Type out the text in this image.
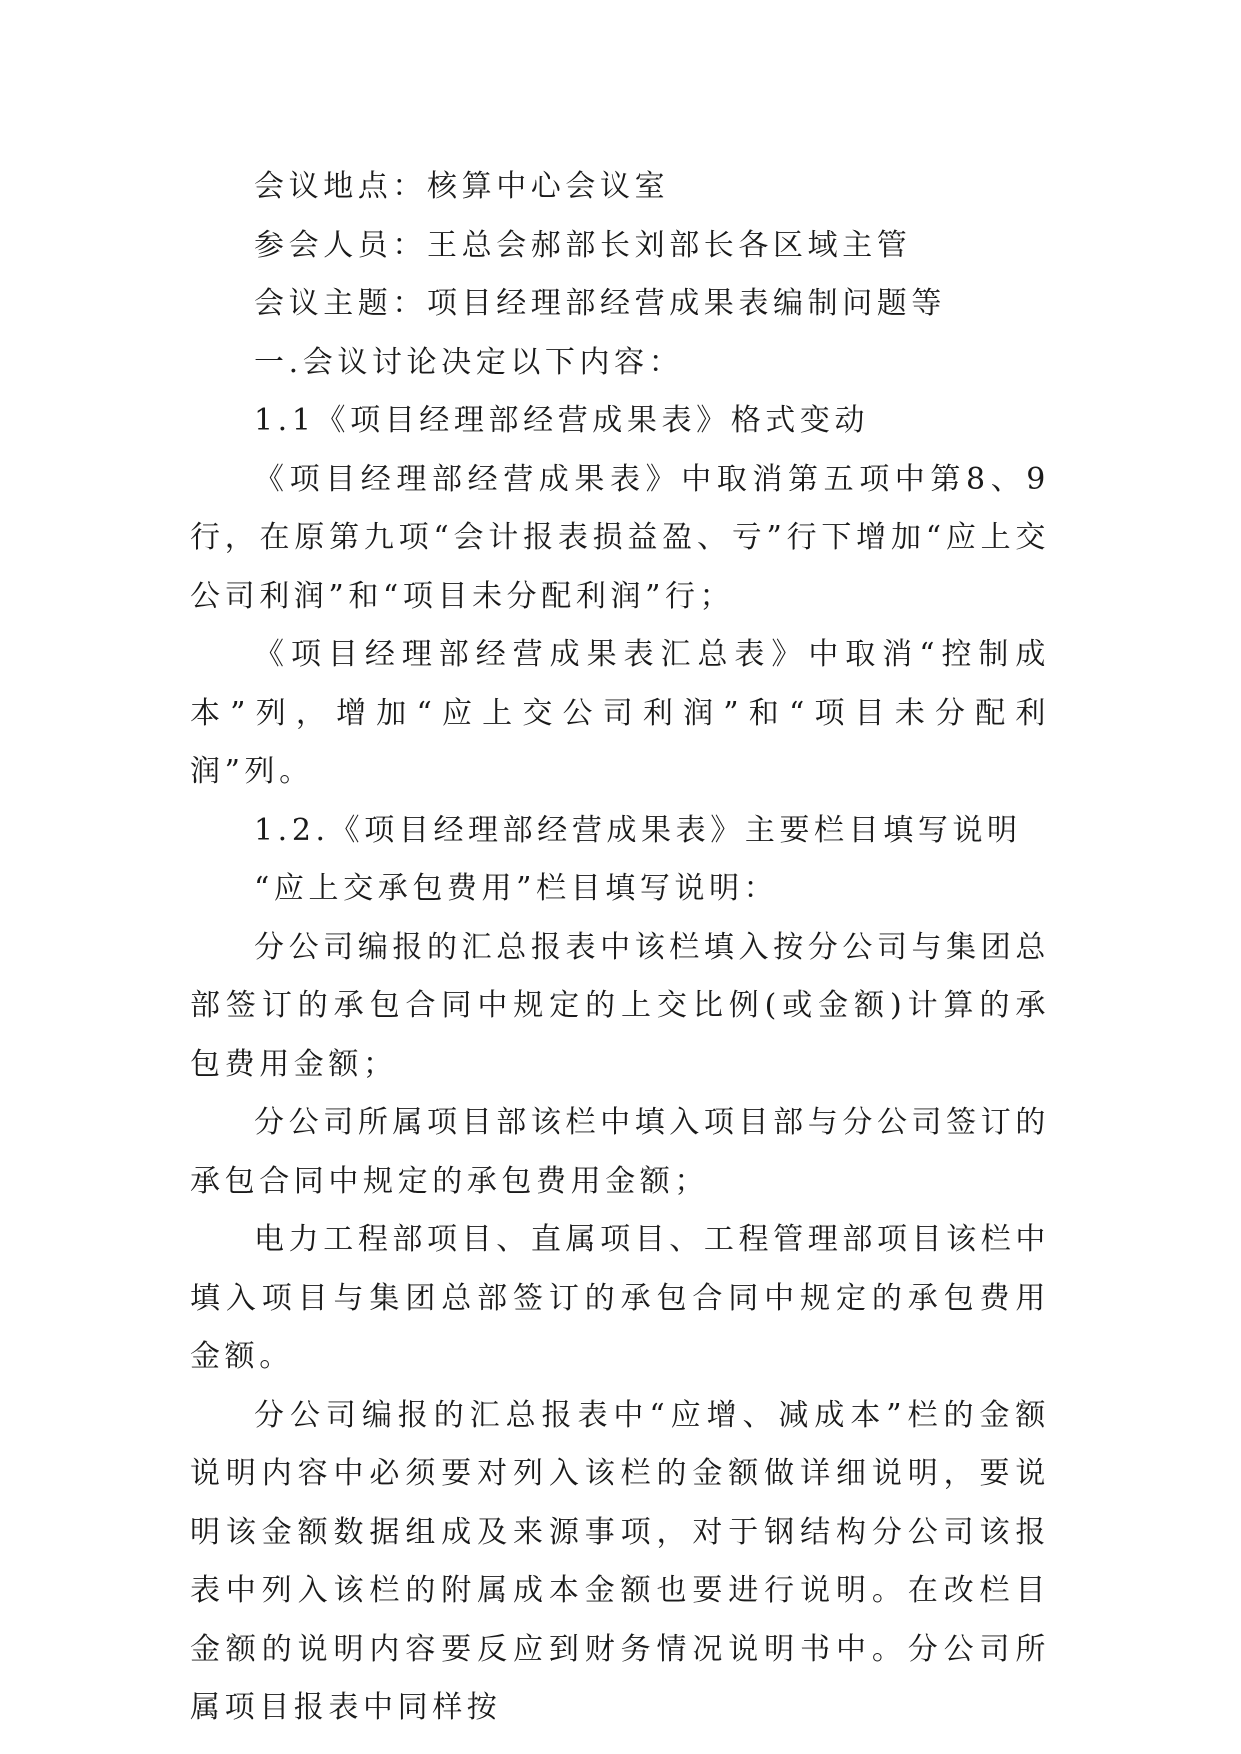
会议地点：核算中心会议室

参会人员：王总会郝部长刘部长各区域主管

会议主题：项目经理部经营成果表编制问题等

一.会议讨论决定以下内容：

1.1《项目经理部经营成果表》格式变动

《项目经理部经营成果表》中取消第五项中第8、9行，在原第九项“会计报表损益盈、亏”行下增加“应上交公司利润”和“项目未分配利润”行；

《项目经理部经营成果表汇总表》中取消“控制成本”列，增加“应上交公司利润”和“项目未分配利润”列。

1.2.《项目经理部经营成果表》主要栏目填写说明

“应上交承包费用”栏目填写说明：

分公司编报的汇总报表中该栏填入按分公司与集团总部签订的承包合同中规定的上交比例(或金额)计算的承包费用金额；

分公司所属项目部该栏中填入项目部与分公司签订的承包合同中规定的承包费用金额；

电力工程部项目、直属项目、工程管理部项目该栏中填入项目与集团总部签订的承包合同中规定的承包费用金额。

分公司编报的汇总报表中“应增、减成本”栏的金额说明内容中必须要对列入该栏的金额做详细说明，要说明该金额数据组成及来源事项，对于钢结构分公司该报表中列入该栏的附属成本金额也要进行说明。在改栏目金额的说明内容要反应到财务情况说明书中。分公司所属项目报表中同样按
